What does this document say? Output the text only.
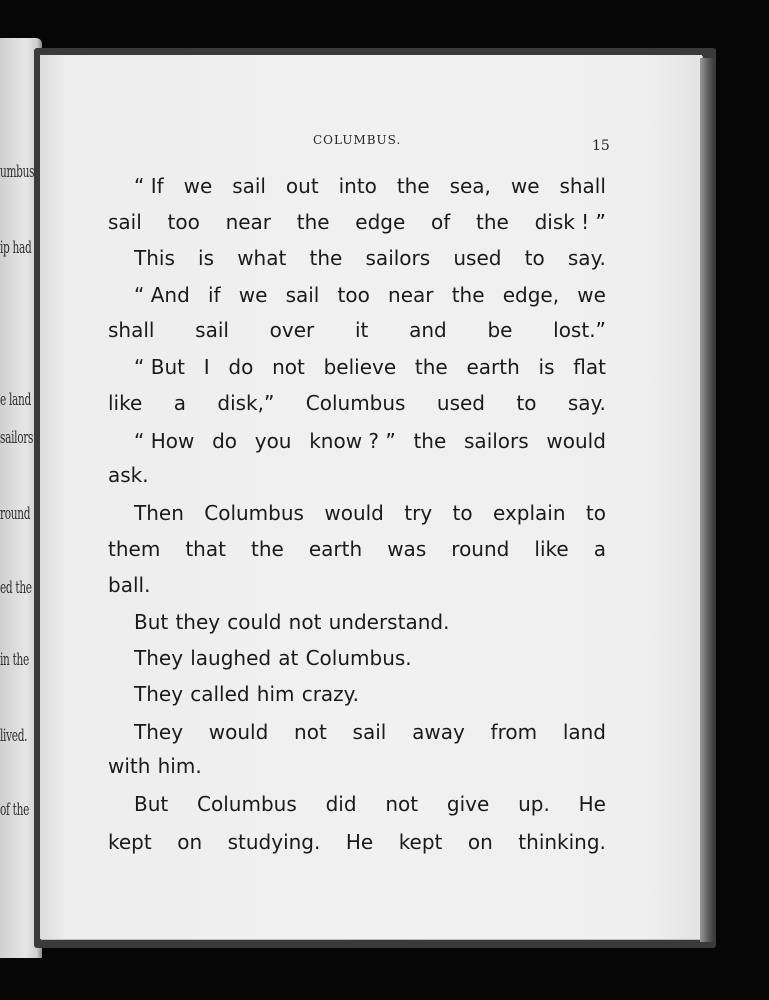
umbus
ip had
e land
sailors
round
ed the
in the
lived.
of the
COLUMBUS.	15
“ If we sail out into the sea, we shall
sail too near the edge of the disk ! ”
This is what the sailors used to say.
“ And if we sail too near the edge, we
shall sail over it and be lost.”
“ But I do not believe the earth is flat
like a disk,” Columbus used to say.
“ How do you know ? ” the sailors would
ask.
Then Columbus would try to explain to
them that the earth was round like a
ball.
But they could not understand.
They laughed at Columbus.
They called him crazy.
They would not sail away from land
with him.
But Columbus did not give up. He
kept on studying. He kept on thinking.
